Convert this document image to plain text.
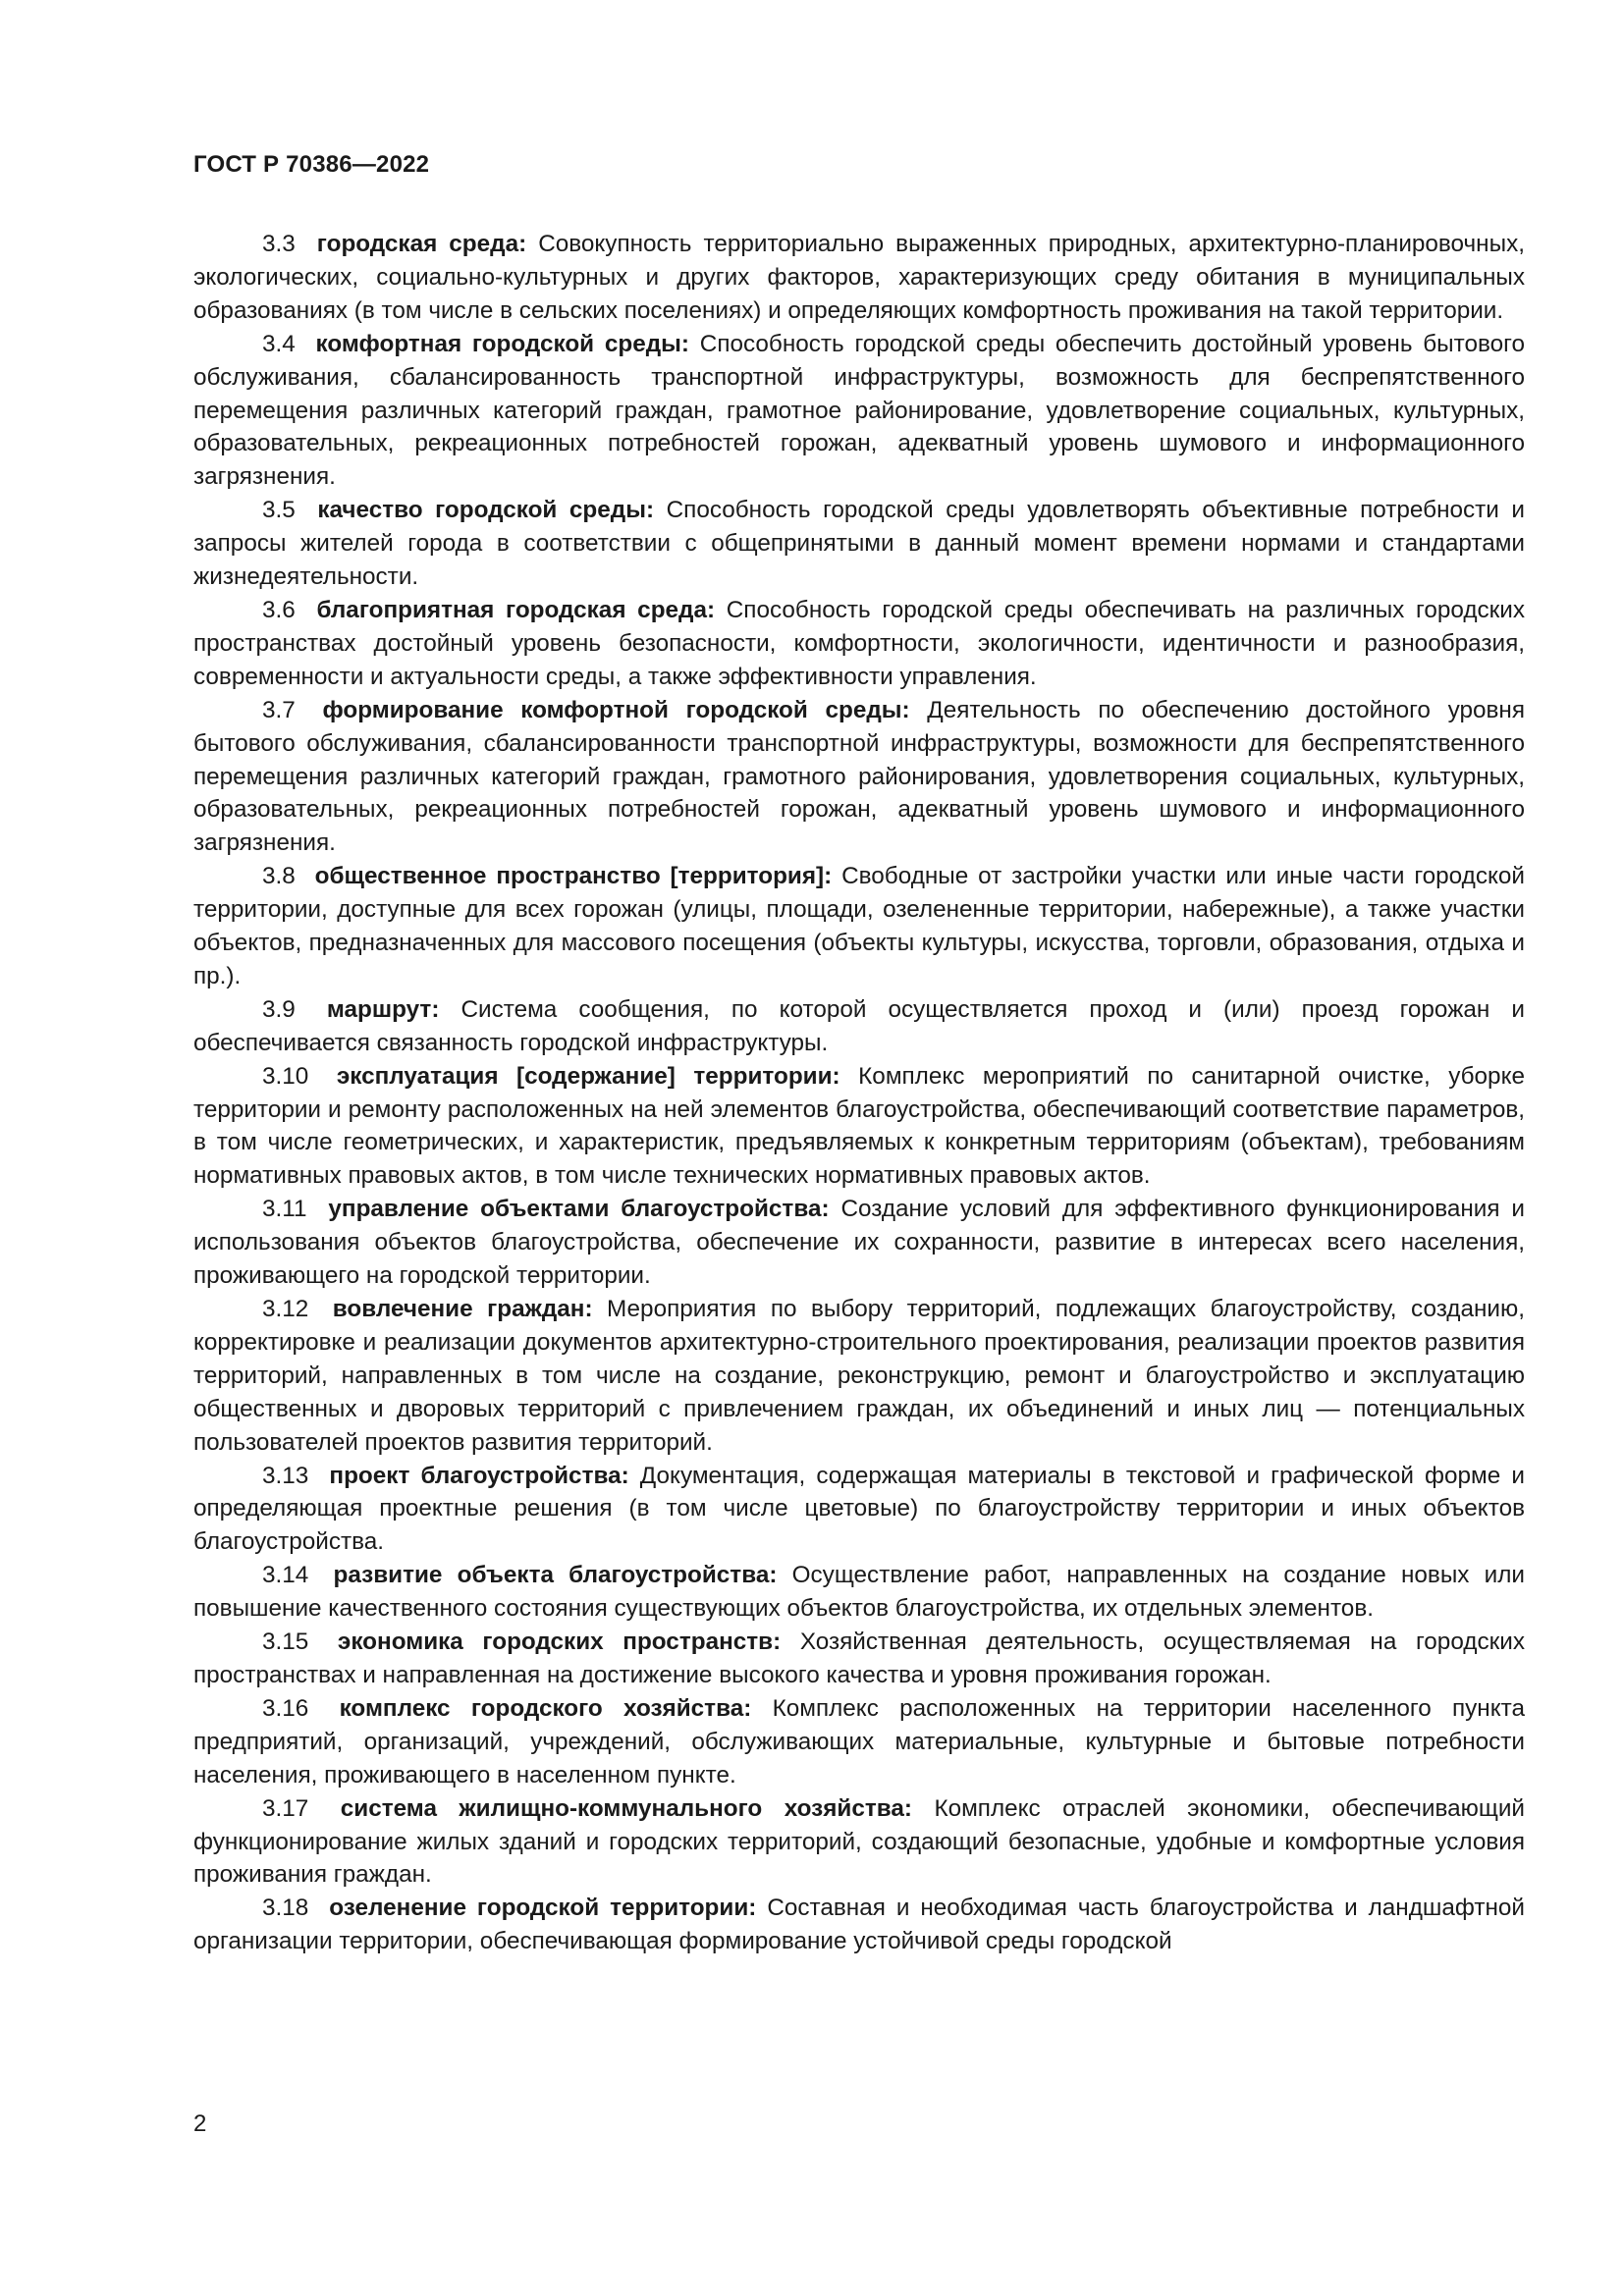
ГОСТ Р 70386—2022

3.3 городская среда: Совокупность территориально выраженных природных, архитектурно-планировочных, экологических, социально-культурных и других факторов, характеризующих среду обитания в муниципальных образованиях (в том числе в сельских поселениях) и определяющих комфортность проживания на такой территории.

3.4 комфортная городской среды: Способность городской среды обеспечить достойный уровень бытового обслуживания, сбалансированность транспортной инфраструктуры, возможность для беспрепятственного перемещения различных категорий граждан, грамотное районирование, удовлетворение социальных, культурных, образовательных, рекреационных потребностей горожан, адекватный уровень шумового и информационного загрязнения.

3.5 качество городской среды: Способность городской среды удовлетворять объективные потребности и запросы жителей города в соответствии с общепринятыми в данный момент времени нормами и стандартами жизнедеятельности.

3.6 благоприятная городская среда: Способность городской среды обеспечивать на различных городских пространствах достойный уровень безопасности, комфортности, экологичности, идентичности и разнообразия, современности и актуальности среды, а также эффективности управления.

3.7 формирование комфортной городской среды: Деятельность по обеспечению достойного уровня бытового обслуживания, сбалансированности транспортной инфраструктуры, возможности для беспрепятственного перемещения различных категорий граждан, грамотного районирования, удовлетворения социальных, культурных, образовательных, рекреационных потребностей горожан, адекватный уровень шумового и информационного загрязнения.

3.8 общественное пространство [территория]: Свободные от застройки участки или иные части городской территории, доступные для всех горожан (улицы, площади, озелененные территории, набережные), а также участки объектов, предназначенных для массового посещения (объекты культуры, искусства, торговли, образования, отдыха и пр.).

3.9 маршрут: Система сообщения, по которой осуществляется проход и (или) проезд горожан и обеспечивается связанность городской инфраструктуры.

3.10 эксплуатация [содержание] территории: Комплекс мероприятий по санитарной очистке, уборке территории и ремонту расположенных на ней элементов благоустройства, обеспечивающий соответствие параметров, в том числе геометрических, и характеристик, предъявляемых к конкретным территориям (объектам), требованиям нормативных правовых актов, в том числе технических нормативных правовых актов.

3.11 управление объектами благоустройства: Создание условий для эффективного функционирования и использования объектов благоустройства, обеспечение их сохранности, развитие в интересах всего населения, проживающего на городской территории.

3.12 вовлечение граждан: Мероприятия по выбору территорий, подлежащих благоустройству, созданию, корректировке и реализации документов архитектурно-строительного проектирования, реализации проектов развития территорий, направленных в том числе на создание, реконструкцию, ремонт и благоустройство и эксплуатацию общественных и дворовых территорий с привлечением граждан, их объединений и иных лиц — потенциальных пользователей проектов развития территорий.

3.13 проект благоустройства: Документация, содержащая материалы в текстовой и графической форме и определяющая проектные решения (в том числе цветовые) по благоустройству территории и иных объектов благоустройства.

3.14 развитие объекта благоустройства: Осуществление работ, направленных на создание новых или повышение качественного состояния существующих объектов благоустройства, их отдельных элементов.

3.15 экономика городских пространств: Хозяйственная деятельность, осуществляемая на городских пространствах и направленная на достижение высокого качества и уровня проживания горожан.

3.16 комплекс городского хозяйства: Комплекс расположенных на территории населенного пункта предприятий, организаций, учреждений, обслуживающих материальные, культурные и бытовые потребности населения, проживающего в населенном пункте.

3.17 система жилищно-коммунального хозяйства: Комплекс отраслей экономики, обеспечивающий функционирование жилых зданий и городских территорий, создающий безопасные, удобные и комфортные условия проживания граждан.

3.18 озеленение городской территории: Составная и необходимая часть благоустройства и ландшафтной организации территории, обеспечивающая формирование устойчивой среды городской

2
